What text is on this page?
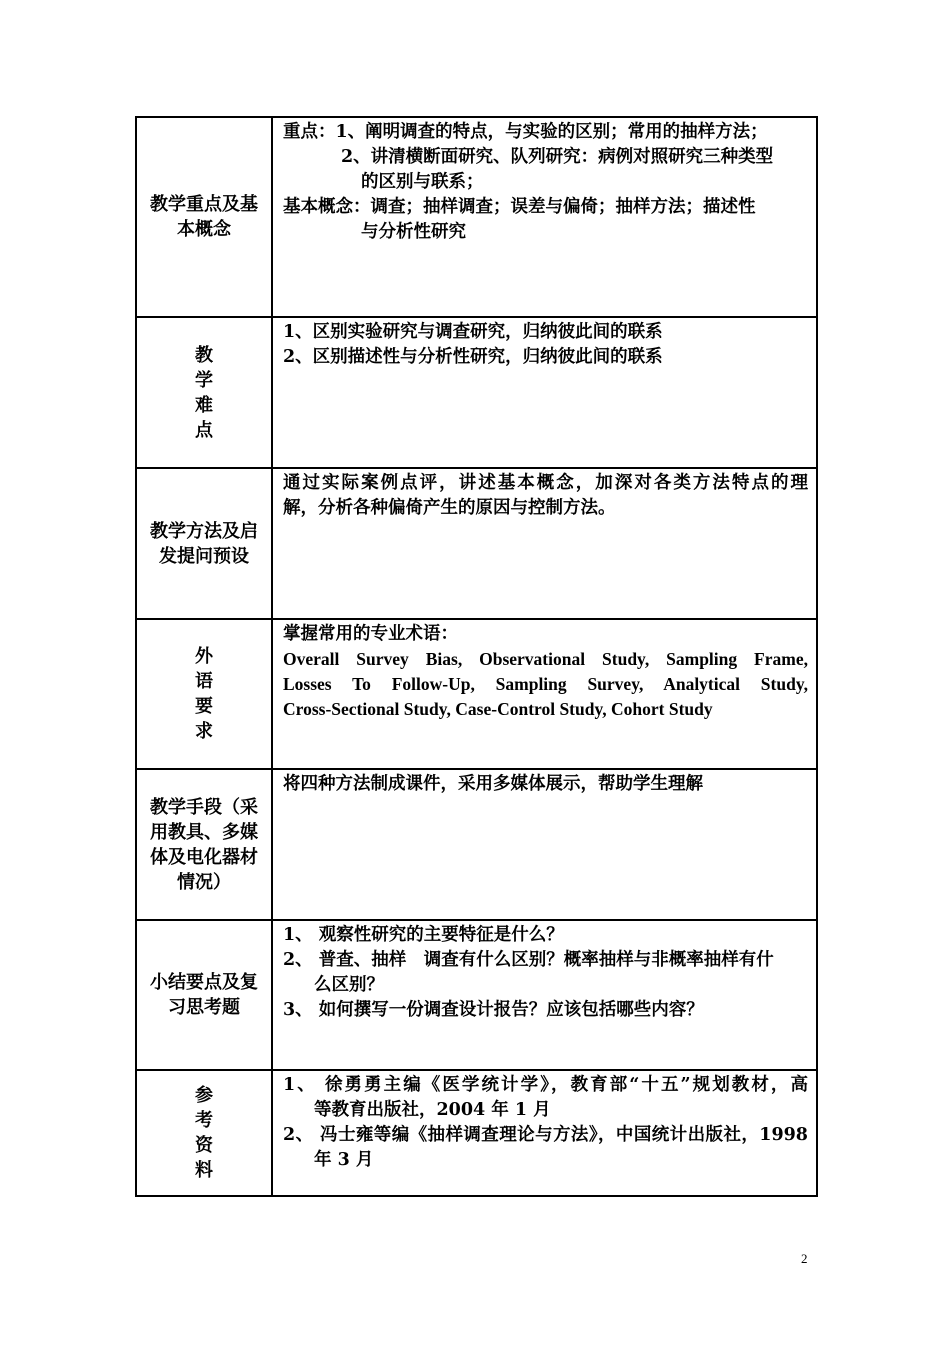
教学重点及基本概念	重点：1、阐明调查的特点，与实验的区别；常用的抽样方法；
2、讲清横断面研究、队列研究：病例对照研究三种类型
的区别与联系；
基本概念：调查；抽样调查；误差与偏倚；抽样方法；描述性
与分析性研究

教学难点	1、区别实验研究与调查研究，归纳彼此间的联系
2、区别描述性与分析性研究，归纳彼此间的联系

教学方法及启发提问预设	通过实际案例点评，讲述基本概念，加深对各类方法特点的理
解，分析各种偏倚产生的原因与控制方法。

外语要求	掌握常用的专业术语：
Overall Survey Bias, Observational Study, Sampling Frame,
Losses To Follow-Up, Sampling Survey, Analytical Study,
Cross-Sectional Study, Case-Control Study, Cohort Study

教学手段（采用教具、多媒体及电化器材情况）	将四种方法制成课件，采用多媒体展示，帮助学生理解

小结要点及复习思考题	1、 观察性研究的主要特征是什么？
2、 普查、抽样　调查有什么区别？概率抽样与非概率抽样有什
么区别？
3、 如何撰写一份调查设计报告？应该包括哪些内容？

参考资料	1、 徐勇勇主编《医学统计学》，教育部“十五”规划教材，高
等教育出版社，2004 年 1 月
2、 冯士雍等编《抽样调查理论与方法》，中国统计出版社，1998
年 3 月
2
